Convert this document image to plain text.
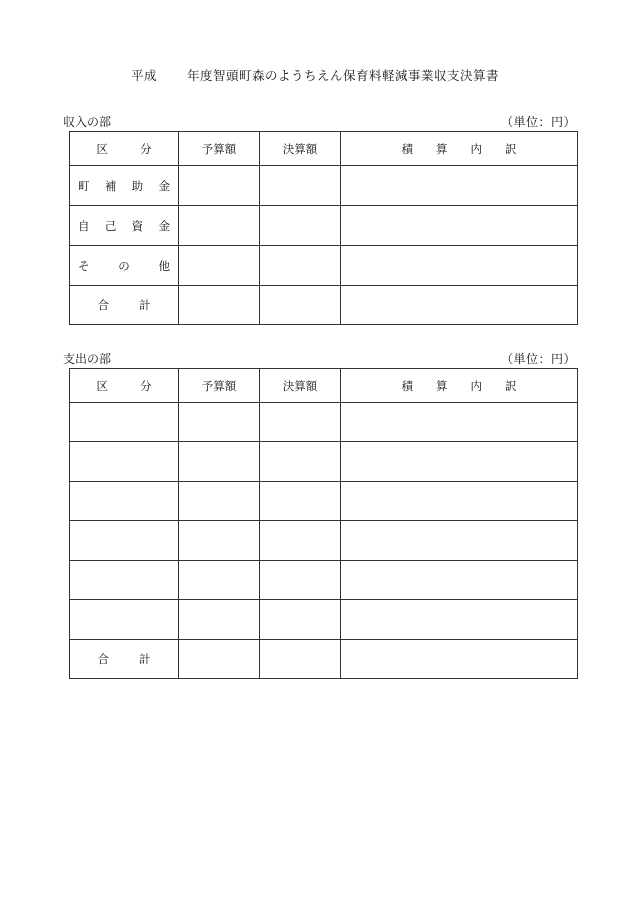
平成 年度智頭町森のようちえん保育料軽減事業収支決算書
収入の部	（単位：円）
区 分	予算額	決算額	積 算 内 訳

町 補 助 金			

自 己 資 金			

そ の 他			

合 計			

支出の部	（単位：円）
区 分	予算額	決算額	積 算 内 訳

合 計			
